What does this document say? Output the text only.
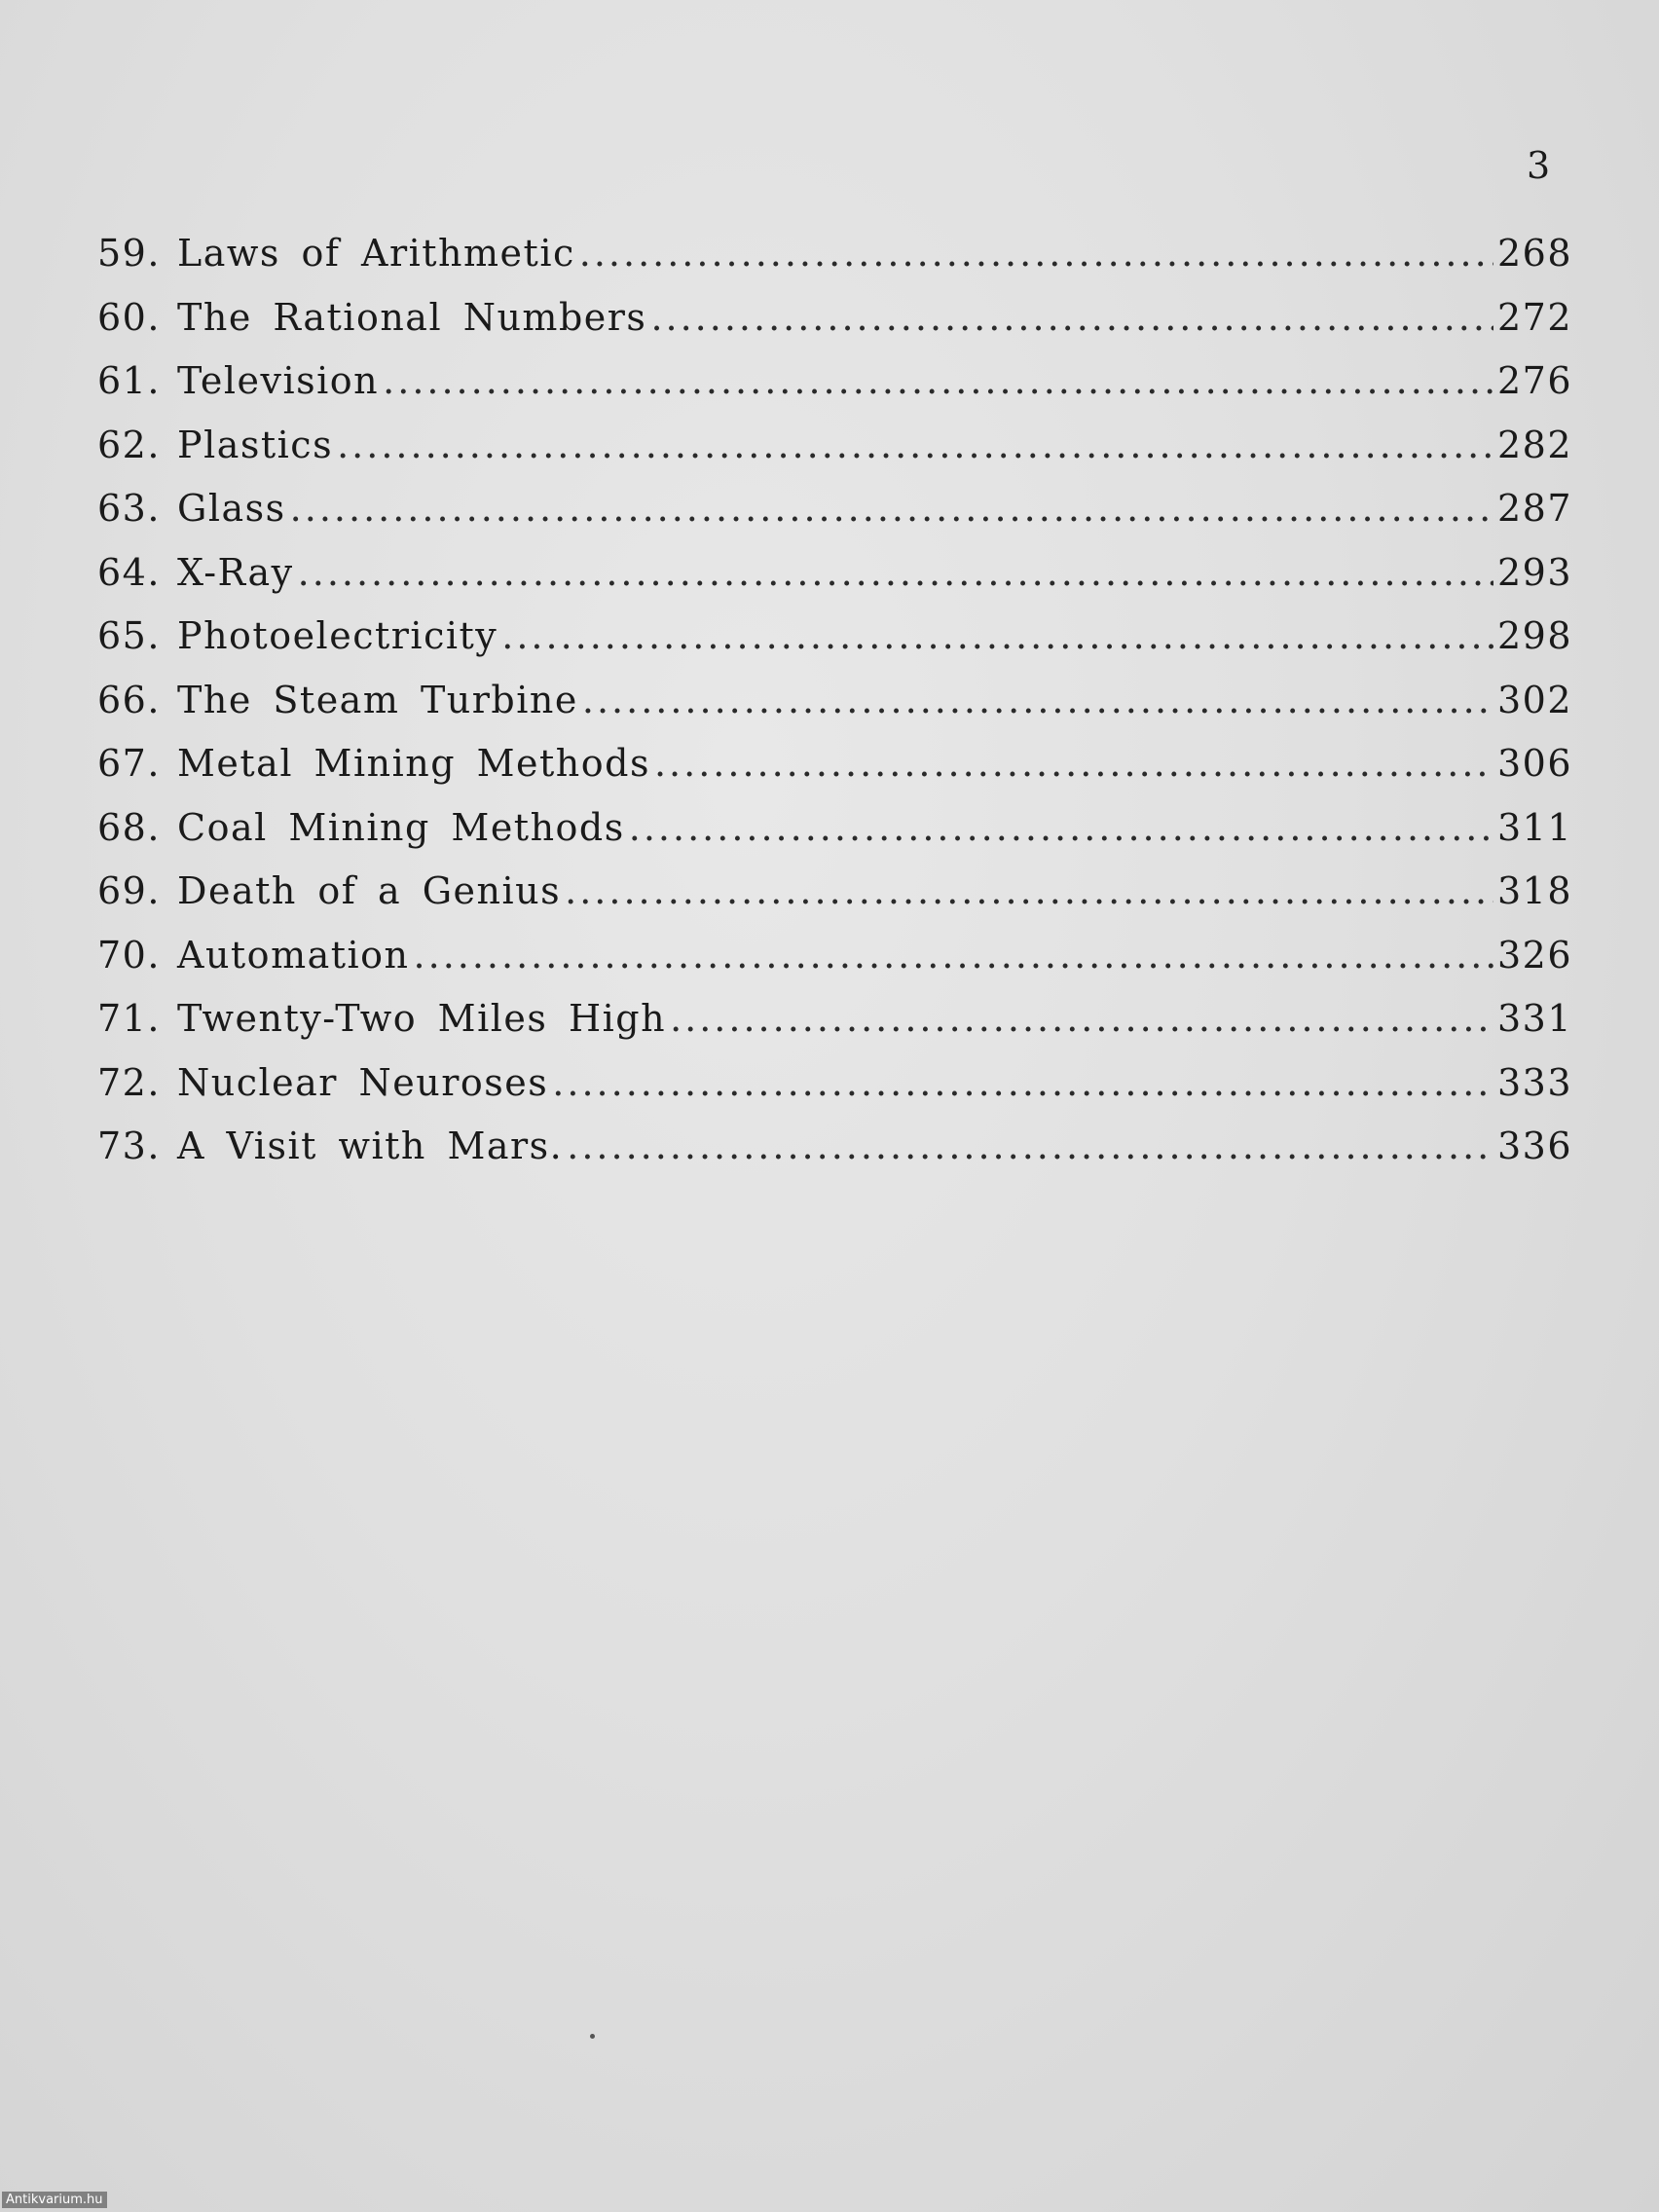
3
59. Laws of Arithmetic .....	268
60. The Rational Numbers .....	272
61. Television .....	276
62. Plastics .....	282
63. Glass .....	287
64. X-Ray .....	293
65. Photoelectricity .....	298
66. The Steam Turbine .....	302
67. Metal Mining Methods .....	306
68. Coal Mining Methods .....	311
69. Death of a Genius .....	318
70. Automation .....	326
71. Twenty-Two Miles High .....	331
72. Nuclear Neuroses .....	333
73. A Visit with Mars. .....	336
Antikvarium.hu
